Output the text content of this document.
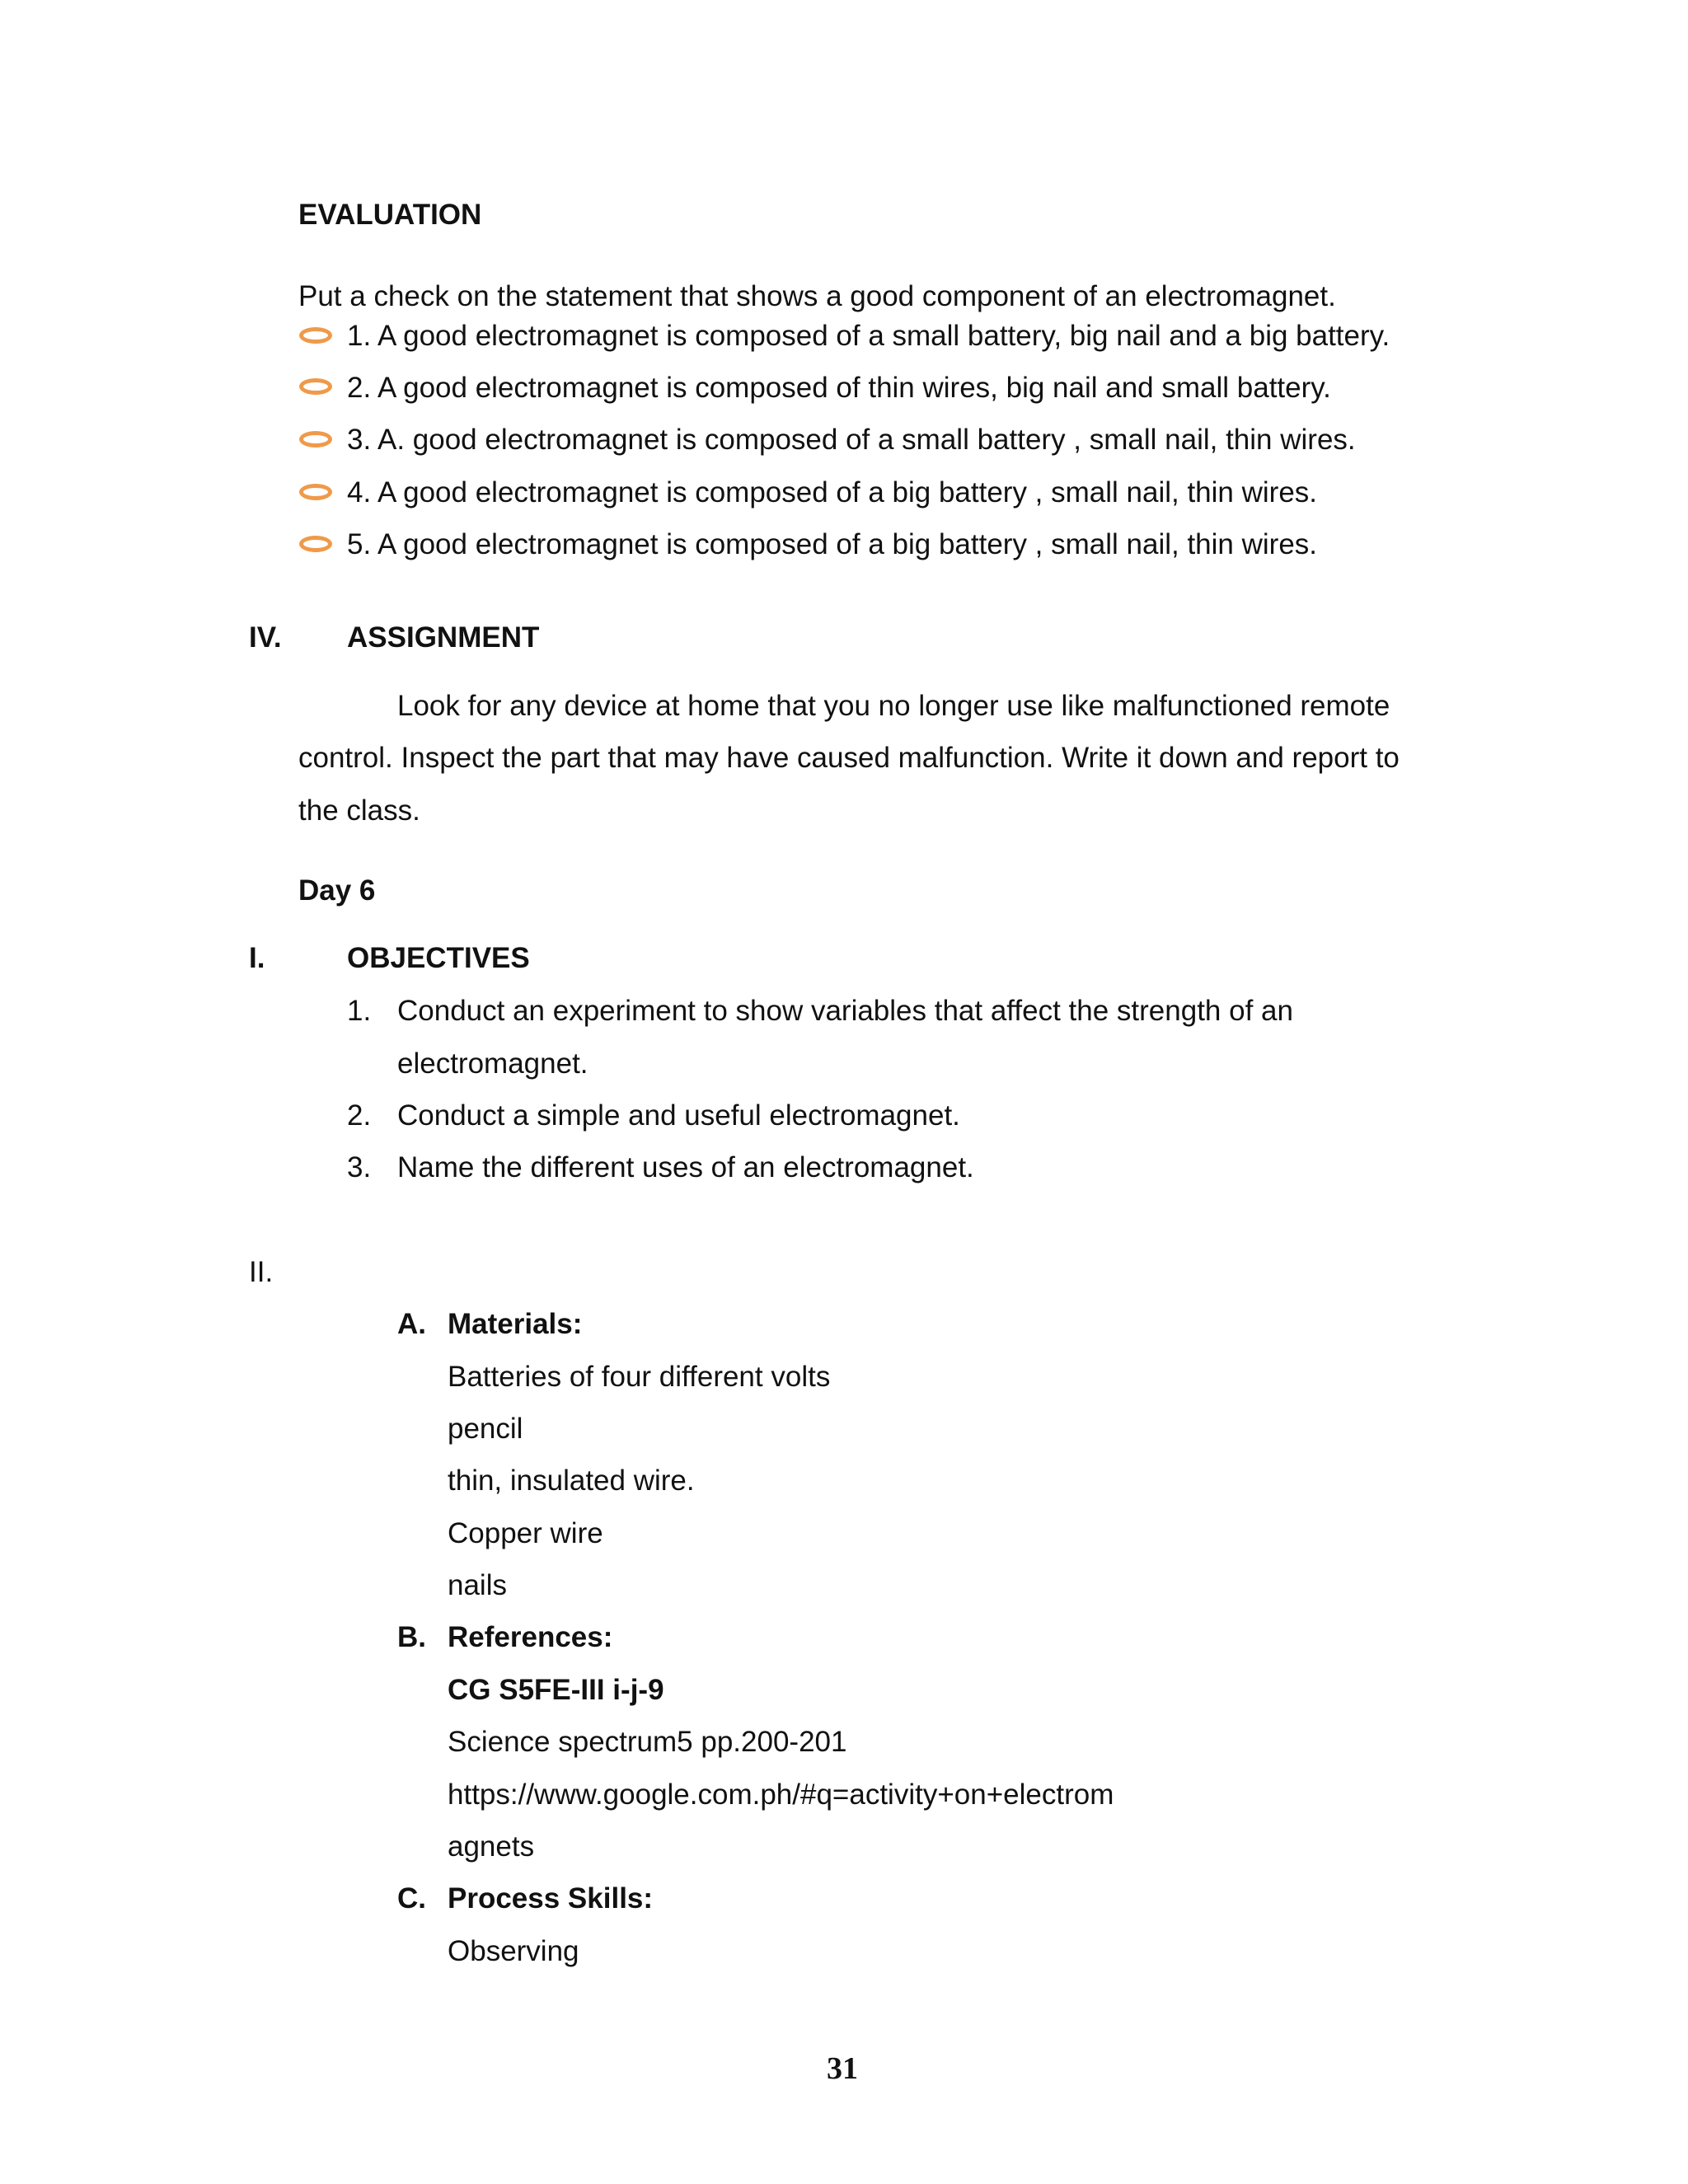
EVALUATION
Put a check on the statement that shows a good component of an electromagnet.
1. A good electromagnet is composed of a small battery, big nail and a big battery.
2. A good electromagnet is composed of thin wires, big nail and small battery.
3. A. good electromagnet is composed of a small battery , small nail, thin wires.
4. A good electromagnet is composed of a big battery , small nail, thin wires.
5. A good electromagnet is composed of a big battery , small nail, thin wires.
IV. ASSIGNMENT
Look for any device at home that you no longer use like malfunctioned remote
control. Inspect the part that may have caused malfunction. Write it down and report to
the class.
Day 6
I.	OBJECTIVES
1. Conduct an experiment to show variables that affect the strength of an
electromagnet.
2. Conduct a simple and useful electromagnet.
3. Name the different uses of an electromagnet.
II.
A. Materials:
Batteries of four different volts
pencil
thin, insulated wire.
Copper wire
nails
B. References:
CG S5FE-III i-j-9
Science spectrum5 pp.200-201
https://www.google.com.ph/#q=activity+on+electrom
agnets
C. Process Skills:
Observing
31
